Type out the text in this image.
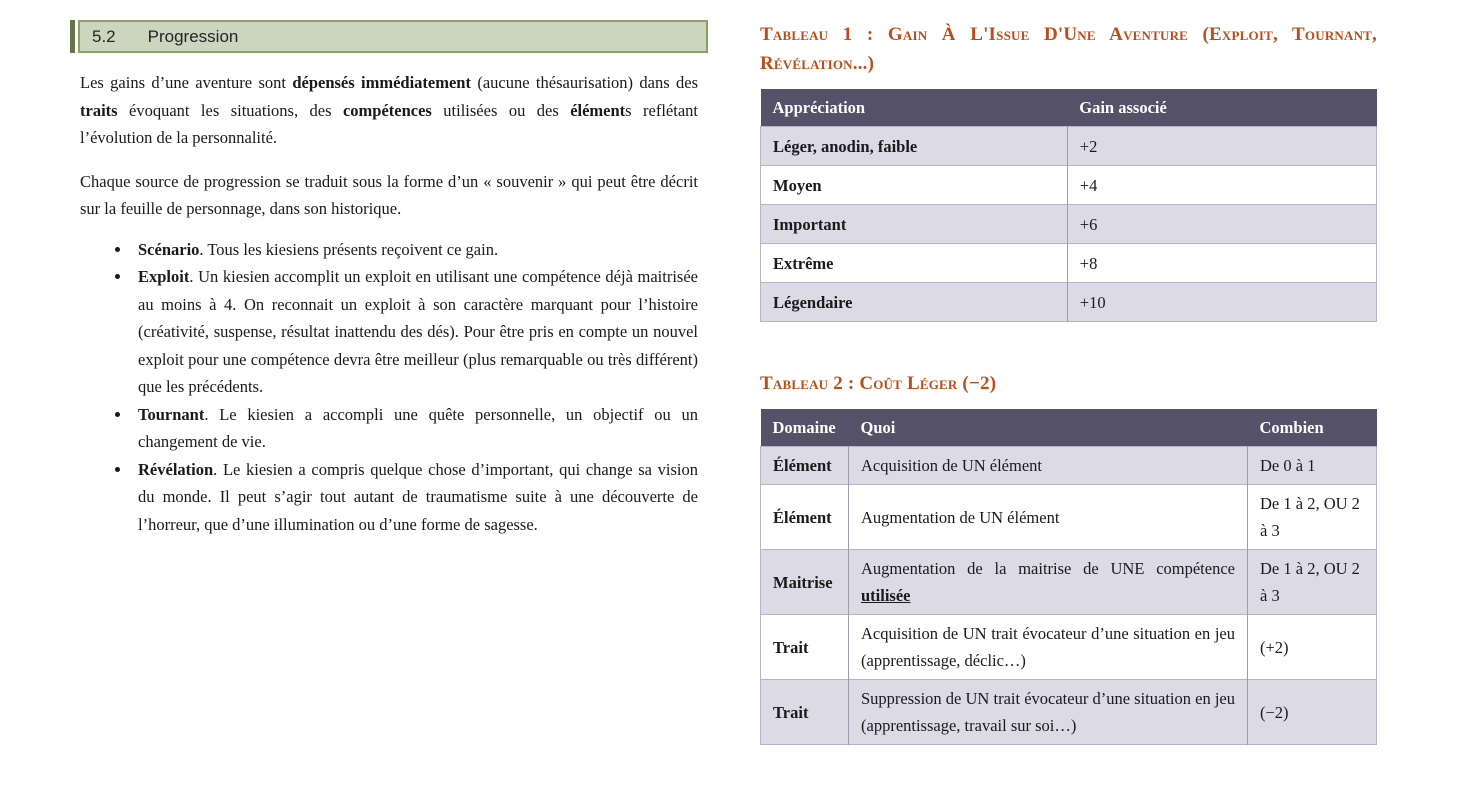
5.2 Progression

Les gains d’une aventure sont dépensés immédiatement (aucune thésaurisation) dans des traits évoquant les situations, des compétences utilisées ou des éléments reflétant l’évolution de la personnalité.

Chaque source de progression se traduit sous la forme d’un « souvenir » qui peut être décrit sur la feuille de personnage, dans son historique.

• Scénario. Tous les kiesiens présents reçoivent ce gain.
• Exploit. Un kiesien accomplit un exploit en utilisant une compétence déjà maitrisée au moins à 4. On reconnait un exploit à son caractère marquant pour l’histoire (créativité, suspense, résultat inattendu des dés). Pour être pris en compte un nouvel exploit pour une compétence devra être meilleur (plus remarquable ou très différent) que les précédents.
• Tournant. Le kiesien a accompli une quête personnelle, un objectif ou un changement de vie.
• Révélation. Le kiesien a compris quelque chose d’important, qui change sa vision du monde. Il peut s’agir tout autant de traumatisme suite à une découverte de l’horreur, que d’une illumination ou d’une forme de sagesse.
Tableau 1 : Gain À L'Issue D'Une Aventure (Exploit, Tournant, Révélation...)
Appréciation	Gain associé
Léger, anodin, faible	+2
Moyen	+4
Important	+6
Extrême	+8
Légendaire	+10
Tableau 2 : Coût Léger (−2)
Domaine	Quoi	Combien
Élément	Acquisition de UN élément	De 0 à 1
Élément	Augmentation de UN élément	De 1 à 2, OU 2 à 3
Maitrise	Augmentation de la maitrise de UNE compétence utilisée	De 1 à 2, OU 2 à 3
Trait	Acquisition de UN trait évocateur d’une situation en jeu (apprentissage, déclic…)	(+2)
Trait	Suppression de UN trait évocateur d’une situation en jeu (apprentissage, travail sur soi…)	(−2)
